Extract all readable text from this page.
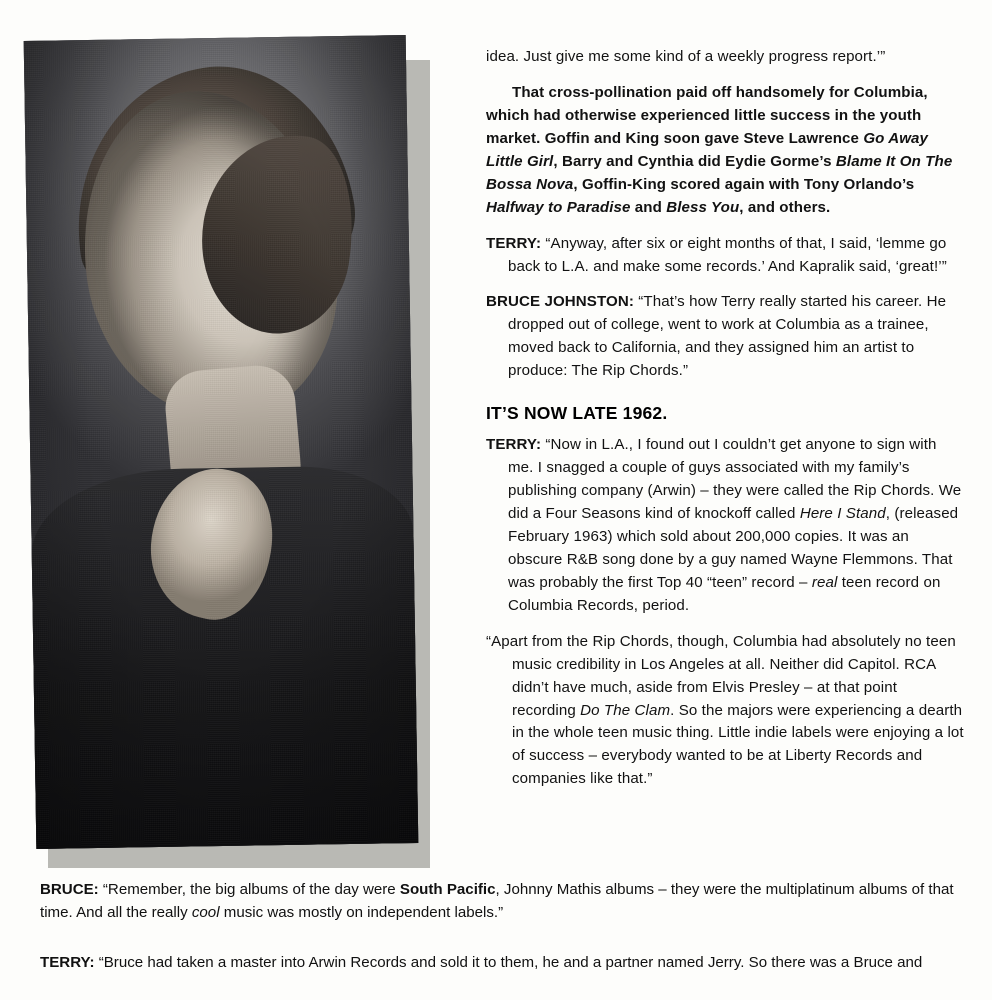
idea. Just give me some kind of a weekly progress report.’”

That cross-pollination paid off handsomely for Columbia, which had otherwise experienced little success in the youth market. Goffin and King soon gave Steve Lawrence Go Away Little Girl, Barry and Cynthia did Eydie Gorme’s Blame It On The Bossa Nova, Goffin-King scored again with Tony Orlando’s Halfway to Paradise and Bless You, and others.

TERRY: “Anyway, after six or eight months of that, I said, ‘lemme go back to L.A. and make some records.’ And Kapralik said, ‘great!’”

BRUCE JOHNSTON: “That’s how Terry really started his career. He dropped out of college, went to work at Columbia as a trainee, moved back to California, and they assigned him an artist to produce: The Rip Chords.”

IT’S NOW LATE 1962.

TERRY: “Now in L.A., I found out I couldn’t get anyone to sign with me. I snagged a couple of guys associated with my family’s publishing company (Arwin) – they were called the Rip Chords. We did a Four Seasons kind of knockoff called Here I Stand, (released February 1963) which sold about 200,000 copies. It was an obscure R&B song done by a guy named Wayne Flemmons. That was probably the first Top 40 “teen” record – real teen record on Columbia Records, period.

“Apart from the Rip Chords, though, Columbia had absolutely no teen music credibility in Los Angeles at all. Neither did Capitol. RCA didn’t have much, aside from Elvis Presley – at that point recording Do The Clam. So the majors were experiencing a dearth in the whole teen music thing. Little indie labels were enjoying a lot of success – everybody wanted to be at Liberty Records and companies like that.”

BRUCE: “Remember, the big albums of the day were South Pacific, Johnny Mathis albums – they were the multiplatinum albums of that time. And all the really cool music was mostly on independent labels.”

TERRY: “Bruce had taken a master into Arwin Records and sold it to them, he and a partner named Jerry. So there was a Bruce and
